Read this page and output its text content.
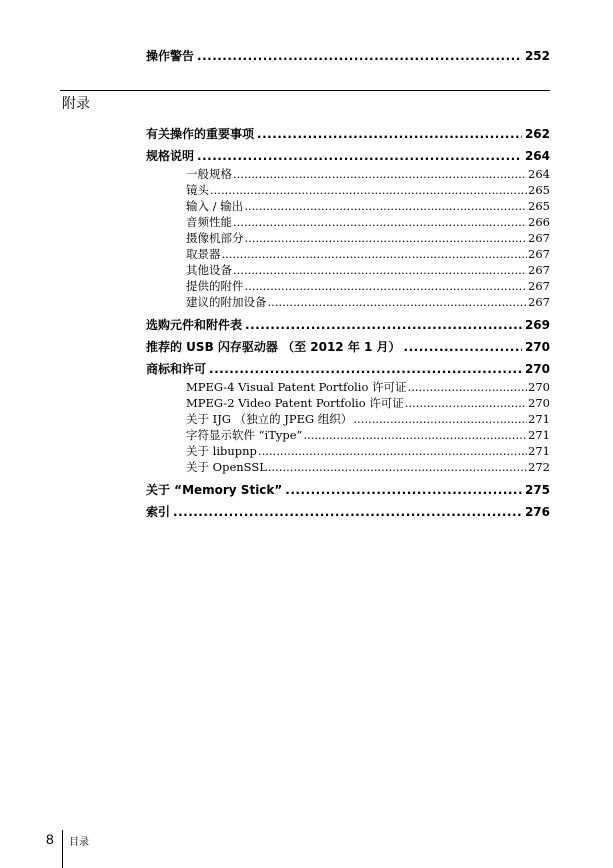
操作警告 .....	252
附录
有关操作的重要事项 .....	262
规格说明 .....	264
一般规格 .....	264
镜头 .....	265
输入 / 输出 .....	265
音频性能 .....	266
摄像机部分 .....	267
取景器 .....	267
其他设备 .....	267
提供的附件 .....	267
建议的附加设备 .....	267
选购元件和附件表 .....	269
推荐的 USB 闪存驱动器 （至 2012 年 1 月） .....	270
商标和许可 .....	270
MPEG-4 Visual Patent Portfolio 许可证 .....	270
MPEG-2 Video Patent Portfolio 许可证 .....	270
关于 IJG （独立的 JPEG 组织） .....	271
字符显示软件 “iType” .....	271
关于 libupnp .....	271
关于 OpenSSL .....	272
关于 “Memory Stick” .....	275
索引 .....	276
8 目录
